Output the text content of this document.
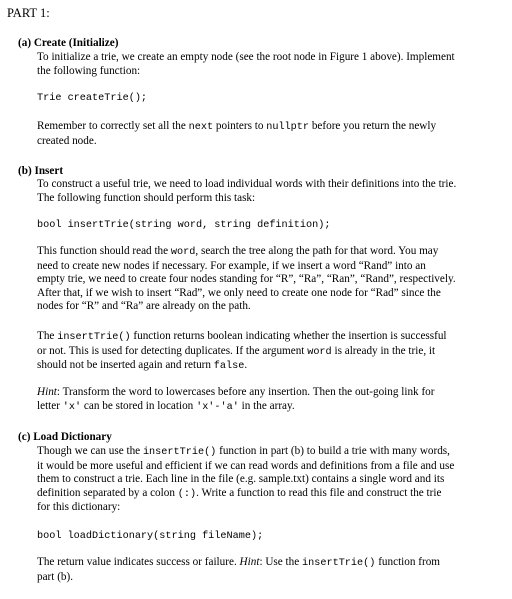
PART 1:
(a) Create (Initialize)

To initialize a trie, we create an empty node (see the root node in Figure 1 above). Implement

the following function:

Trie createTrie();

Remember to correctly set all the next pointers to nullptr before you return the newly

created node.

(b) Insert

To construct a useful trie, we need to load individual words with their definitions into the trie.

The following function should perform this task:

bool insertTrie(string word, string definition);

This function should read the word, search the tree along the path for that word. You may

need to create new nodes if necessary. For example, if we insert a word “Rand” into an

empty trie, we need to create four nodes standing for “R”, “Ra”, “Ran”, “Rand”, respectively.

After that, if we wish to insert “Rad”, we only need to create one node for “Rad” since the

nodes for “R” and “Ra” are already on the path.

The insertTrie() function returns boolean indicating whether the insertion is successful

or not. This is used for detecting duplicates. If the argument word is already in the trie, it

should not be inserted again and return false.

Hint: Transform the word to lowercases before any insertion. Then the out-going link for

letter 'x' can be stored in location 'x'-'a' in the array.

(c) Load Dictionary

Though we can use the insertTrie() function in part (b) to build a trie with many words,

it would be more useful and efficient if we can read words and definitions from a file and use

them to construct a trie. Each line in the file (e.g. sample.txt) contains a single word and its

definition separated by a colon (:). Write a function to read this file and construct the trie

for this dictionary:

bool loadDictionary(string fileName);

The return value indicates success or failure. Hint: Use the insertTrie() function from

part (b).
